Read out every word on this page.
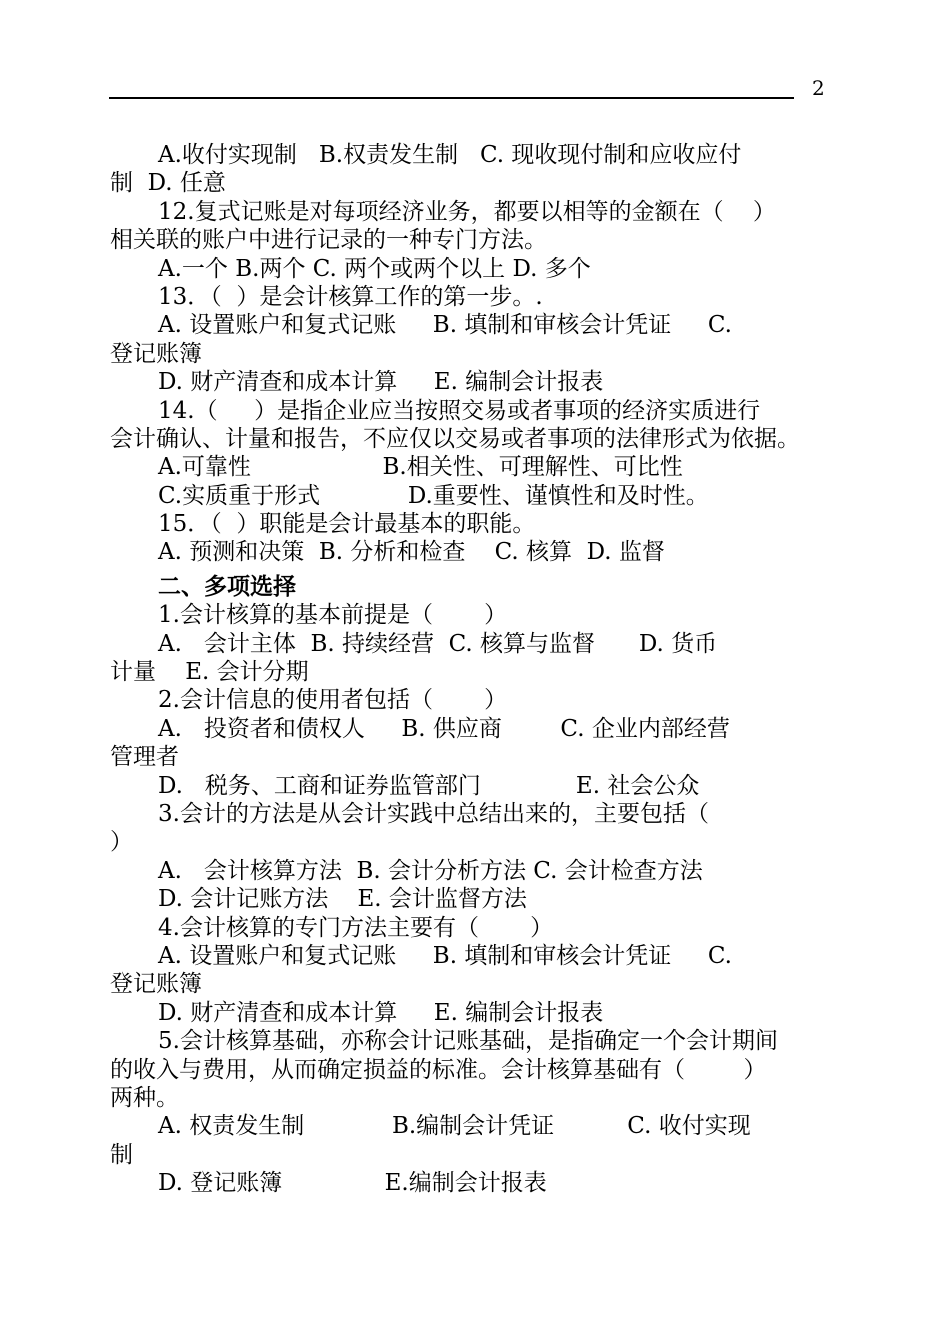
2
A.收付实现制   B.权责发生制   C. 现收现付制和应收应付
制  D. 任意
12.复式记账是对每项经济业务，都要以相等的金额在（    ）
相关联的账户中进行记录的一种专门方法。
A.一个 B.两个 C. 两个或两个以上 D. 多个
13．（  ）是会计核算工作的第一步。.
A. 设置账户和复式记账     B. 填制和审核会计凭证     C.
登记账簿
D. 财产清查和成本计算     E. 编制会计报表
14.（     ）是指企业应当按照交易或者事项的经济实质进行
会计确认、计量和报告，不应仅以交易或者事项的法律形式为依据。
A.可靠性                  B.相关性、可理解性、可比性
C.实质重于形式            D.重要性、谨慎性和及时性。
15．（  ）职能是会计最基本的职能。
A. 预测和决策  B. 分析和检查    C. 核算  D. 监督
二、多项选择
1.会计核算的基本前提是（       ）
A.   会计主体  B. 持续经营  C. 核算与监督      D. 货币
计量    E. 会计分期
2.会计信息的使用者包括（       ）
A.   投资者和债权人     B. 供应商        C. 企业内部经营
管理者
D.   税务、工商和证券监管部门             E. 社会公众
3.会计的方法是从会计实践中总结出来的，主要包括（
）
A.   会计核算方法  B. 会计分析方法 C. 会计检查方法
D. 会计记账方法    E. 会计监督方法
4.会计核算的专门方法主要有（       ）
A. 设置账户和复式记账     B. 填制和审核会计凭证     C.
登记账簿
D. 财产清查和成本计算     E. 编制会计报表
5.会计核算基础，亦称会计记账基础，是指确定一个会计期间
的收入与费用，从而确定损益的标准。会计核算基础有（        ）
两种。
A. 权责发生制            B.编制会计凭证          C. 收付实现
制
D. 登记账簿              E.编制会计报表
